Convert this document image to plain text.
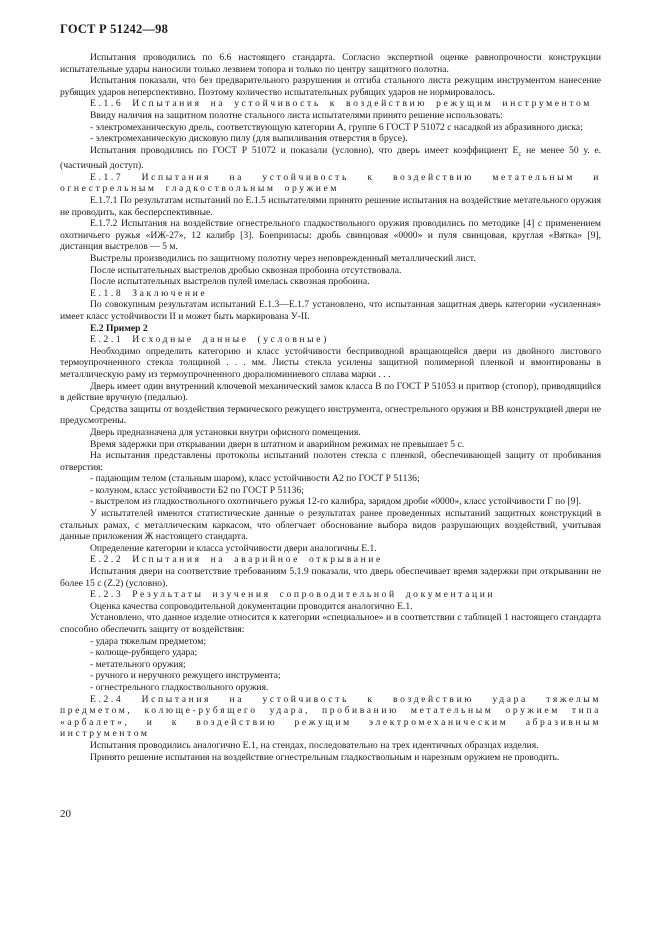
ГОСТ Р 51242—98

Испытания проводились по 6.6 настоящего стандарта. Согласно экспертной оценке равнопрочности конструкции испытательные удары наносили только лезвием топора и только по центру защитного полотна.

Испытания показали, что без предварительного разрушения и отгиба стального листа режущим инструментом нанесение рубящих ударов неперспективно. Поэтому количество испытательных рубящих ударов не нормировалось.

Е.1.6 Испытания на устойчивость к воздействию режущим инструментом

Ввиду наличия на защитном полотне стального листа испытателями принято решение использовать:

- электромеханическую дрель, соответствующую категории А, группе 6 ГОСТ Р 51072 с насадкой из абразивного диска;

- электромеханическую дисковую пилу (для выпиливания отверстия в брусе).

Испытания проводились по ГОСТ Р 51072 и показали (условно), что дверь имеет коэффициент $Е_с$ не менее 50 у. е. (частичный доступ).

Е.1.7 Испытания на устойчивость к воздействию метательным и огнестрельным гладкоствольным оружием

Е.1.7.1 По результатам испытаний по Е.1.5 испытателями принято решение испытания на воздействие метательного оружия не проводить, как бесперспективные.

Е.1.7.2 Испытания на воздействие огнестрельного гладкоствольного оружия проводились по методике [4] с применением охотничьего ружья «ИЖ-27», 12 калибр [3]. Боеприпасы: дробь свинцовая «0000» и пуля свинцовая, круглая «Вятка» [9], дистанция выстрелов — 5 м.

Выстрелы производились по защитному полотну через неповрежденный металлический лист.

После испытательных выстрелов дробью сквозная пробоина отсутствовала.

После испытательных выстрелов пулей имелась сквозная пробоина.

Е.1.8 Заключение

По совокупным результатам испытаний Е.1.3—Е.1.7 установлено, что испытанная защитная дверь категории «усиленная» имеет класс устойчивости II и может быть маркирована У-II.

Е.2 Пример 2

Е.2.1 Исходные данные (условные)

Необходимо определить категорию и класс устойчивости бесприводной вращающейся двери из двойного листового термоупрочненного стекла толщиной . . . мм. Листы стекла усилены защитной полимерной пленкой и вмонтированы в металлическую раму из термоупрочненного дюралюминиевого сплава марки . . .

Дверь имеет один внутренний ключевой механический замок класса В по ГОСТ Р 51053 и притвор (стопор), приводящийся в действие вручную (педалью).

Средства защиты от воздействия термического режущего инструмента, огнестрельного оружия и ВВ конструкцией двери не предусмотрены.

Дверь предназначена для установки внутри офисного помещения.

Время задержки при открывании двери в штатном и аварийном режимах не превышает 5 с.

На испытания представлены протоколы испытаний полотен стекла с пленкой, обеспечивающей защиту от пробивания отверстия:

- падающим телом (стальным шаром), класс устойчивости А2 по ГОСТ Р 51136;

- колуном, класс устойчивости Б2 по ГОСТ Р 51136;

- выстрелом из гладкоствольного охотничьего ружья 12-го калибра, зарядом дроби «0000», класс устойчивости Г по [9].

У испытателей имеются статистические данные о результатах ранее проведенных испытаний защитных конструкций в стальных рамах, с металлическим каркасом, что облегчает обоснование выбора видов разрушающих воздействий, учитывая данные приложения Ж настоящего стандарта.

Определение категории и класса устойчивости двери аналогичны Е.1.

Е.2.2 Испытания на аварийное открывание

Испытания двери на соответствие требованиям 5.1.9 показали, что дверь обеспечивает время задержки при открывании не более 15 с (Z.2) (условно).

Е.2.3 Результаты изучения сопроводительной документации

Оценка качества сопроводительной документации проводится аналогично Е.1.

Установлено, что данное изделие относится к категории «специальное» и в соответствии с таблицей 1 настоящего стандарта способно обеспечить защиту от воздействия:

- удара тяжелым предметом;

- колюще-рубящего удара;

- метательного оружия;

- ручного и неручного режущего инструмента;

- огнестрельного гладкоствольного оружия.

Е.2.4 Испытания на устойчивость к воздействию удара тяжелым предметом, колюще-рубящего удара, пробиванию метательным оружием типа «арбалет», и к воздействию режущим электромеханическим абразивным инструментом

Испытания проводились аналогично Е.1, на стендах, последовательно на трех идентичных образцах изделия.

Принято решение испытания на воздействие огнестрельным гладкоствольным и нарезным оружием не проводить.

20
